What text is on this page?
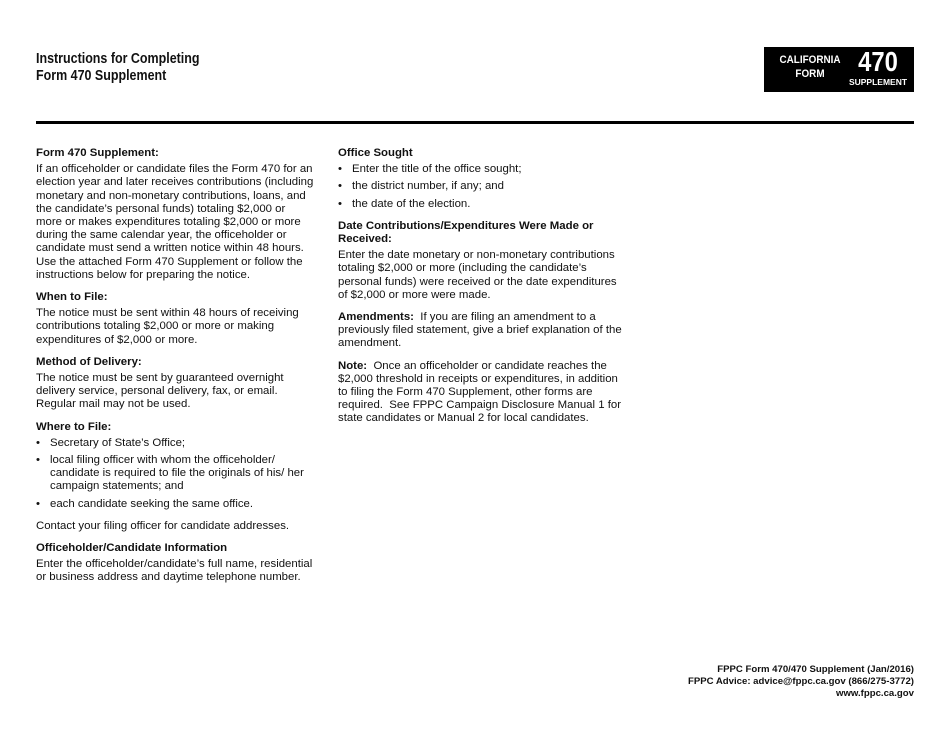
Instructions for Completing
Form 470 Supplement
CALIFORNIA
FORM	470
SUPPLEMENT
Form 470 Supplement:
If an officeholder or candidate files the Form 470 for an election year and later receives contributions (including monetary and non-monetary contributions, loans, and the candidate’s personal funds) totaling $2,000 or more or makes expenditures totaling $2,000 or more during the same calendar year, the officeholder or candidate must send a written notice within 48 hours. Use the attached Form 470 Supplement or follow the instructions below for preparing the notice.
When to File:
The notice must be sent within 48 hours of receiving contributions totaling $2,000 or more or making expenditures of $2,000 or more.
Method of Delivery:
The notice must be sent by guaranteed overnight delivery service, personal delivery, fax, or email. Regular mail may not be used.
Where to File:
• Secretary of State’s Office;
• local filing officer with whom the officeholder/ candidate is required to file the originals of his/ her campaign statements; and
• each candidate seeking the same office.
Contact your filing officer for candidate addresses.
Officeholder/Candidate Information
Enter the officeholder/candidate’s full name, residential or business address and daytime telephone number.
Office Sought
• Enter the title of the office sought;
• the district number, if any; and
• the date of the election.
Date Contributions/Expenditures Were Made or Received:
Enter the date monetary or non-monetary contributions totaling $2,000 or more (including the candidate’s personal funds) were received or the date expenditures of $2,000 or more were made.
Amendments:  If you are filing an amendment to a previously filed statement, give a brief explanation of the amendment.
Note:  Once an officeholder or candidate reaches the $2,000 threshold in receipts or expenditures, in addition to filing the Form 470 Supplement, other forms are required.  See FPPC Campaign Disclosure Manual 1 for state candidates or Manual 2 for local candidates.
FPPC Form 470/470 Supplement (Jan/2016)
FPPC Advice: advice@fppc.ca.gov (866/275-3772)
www.fppc.ca.gov
